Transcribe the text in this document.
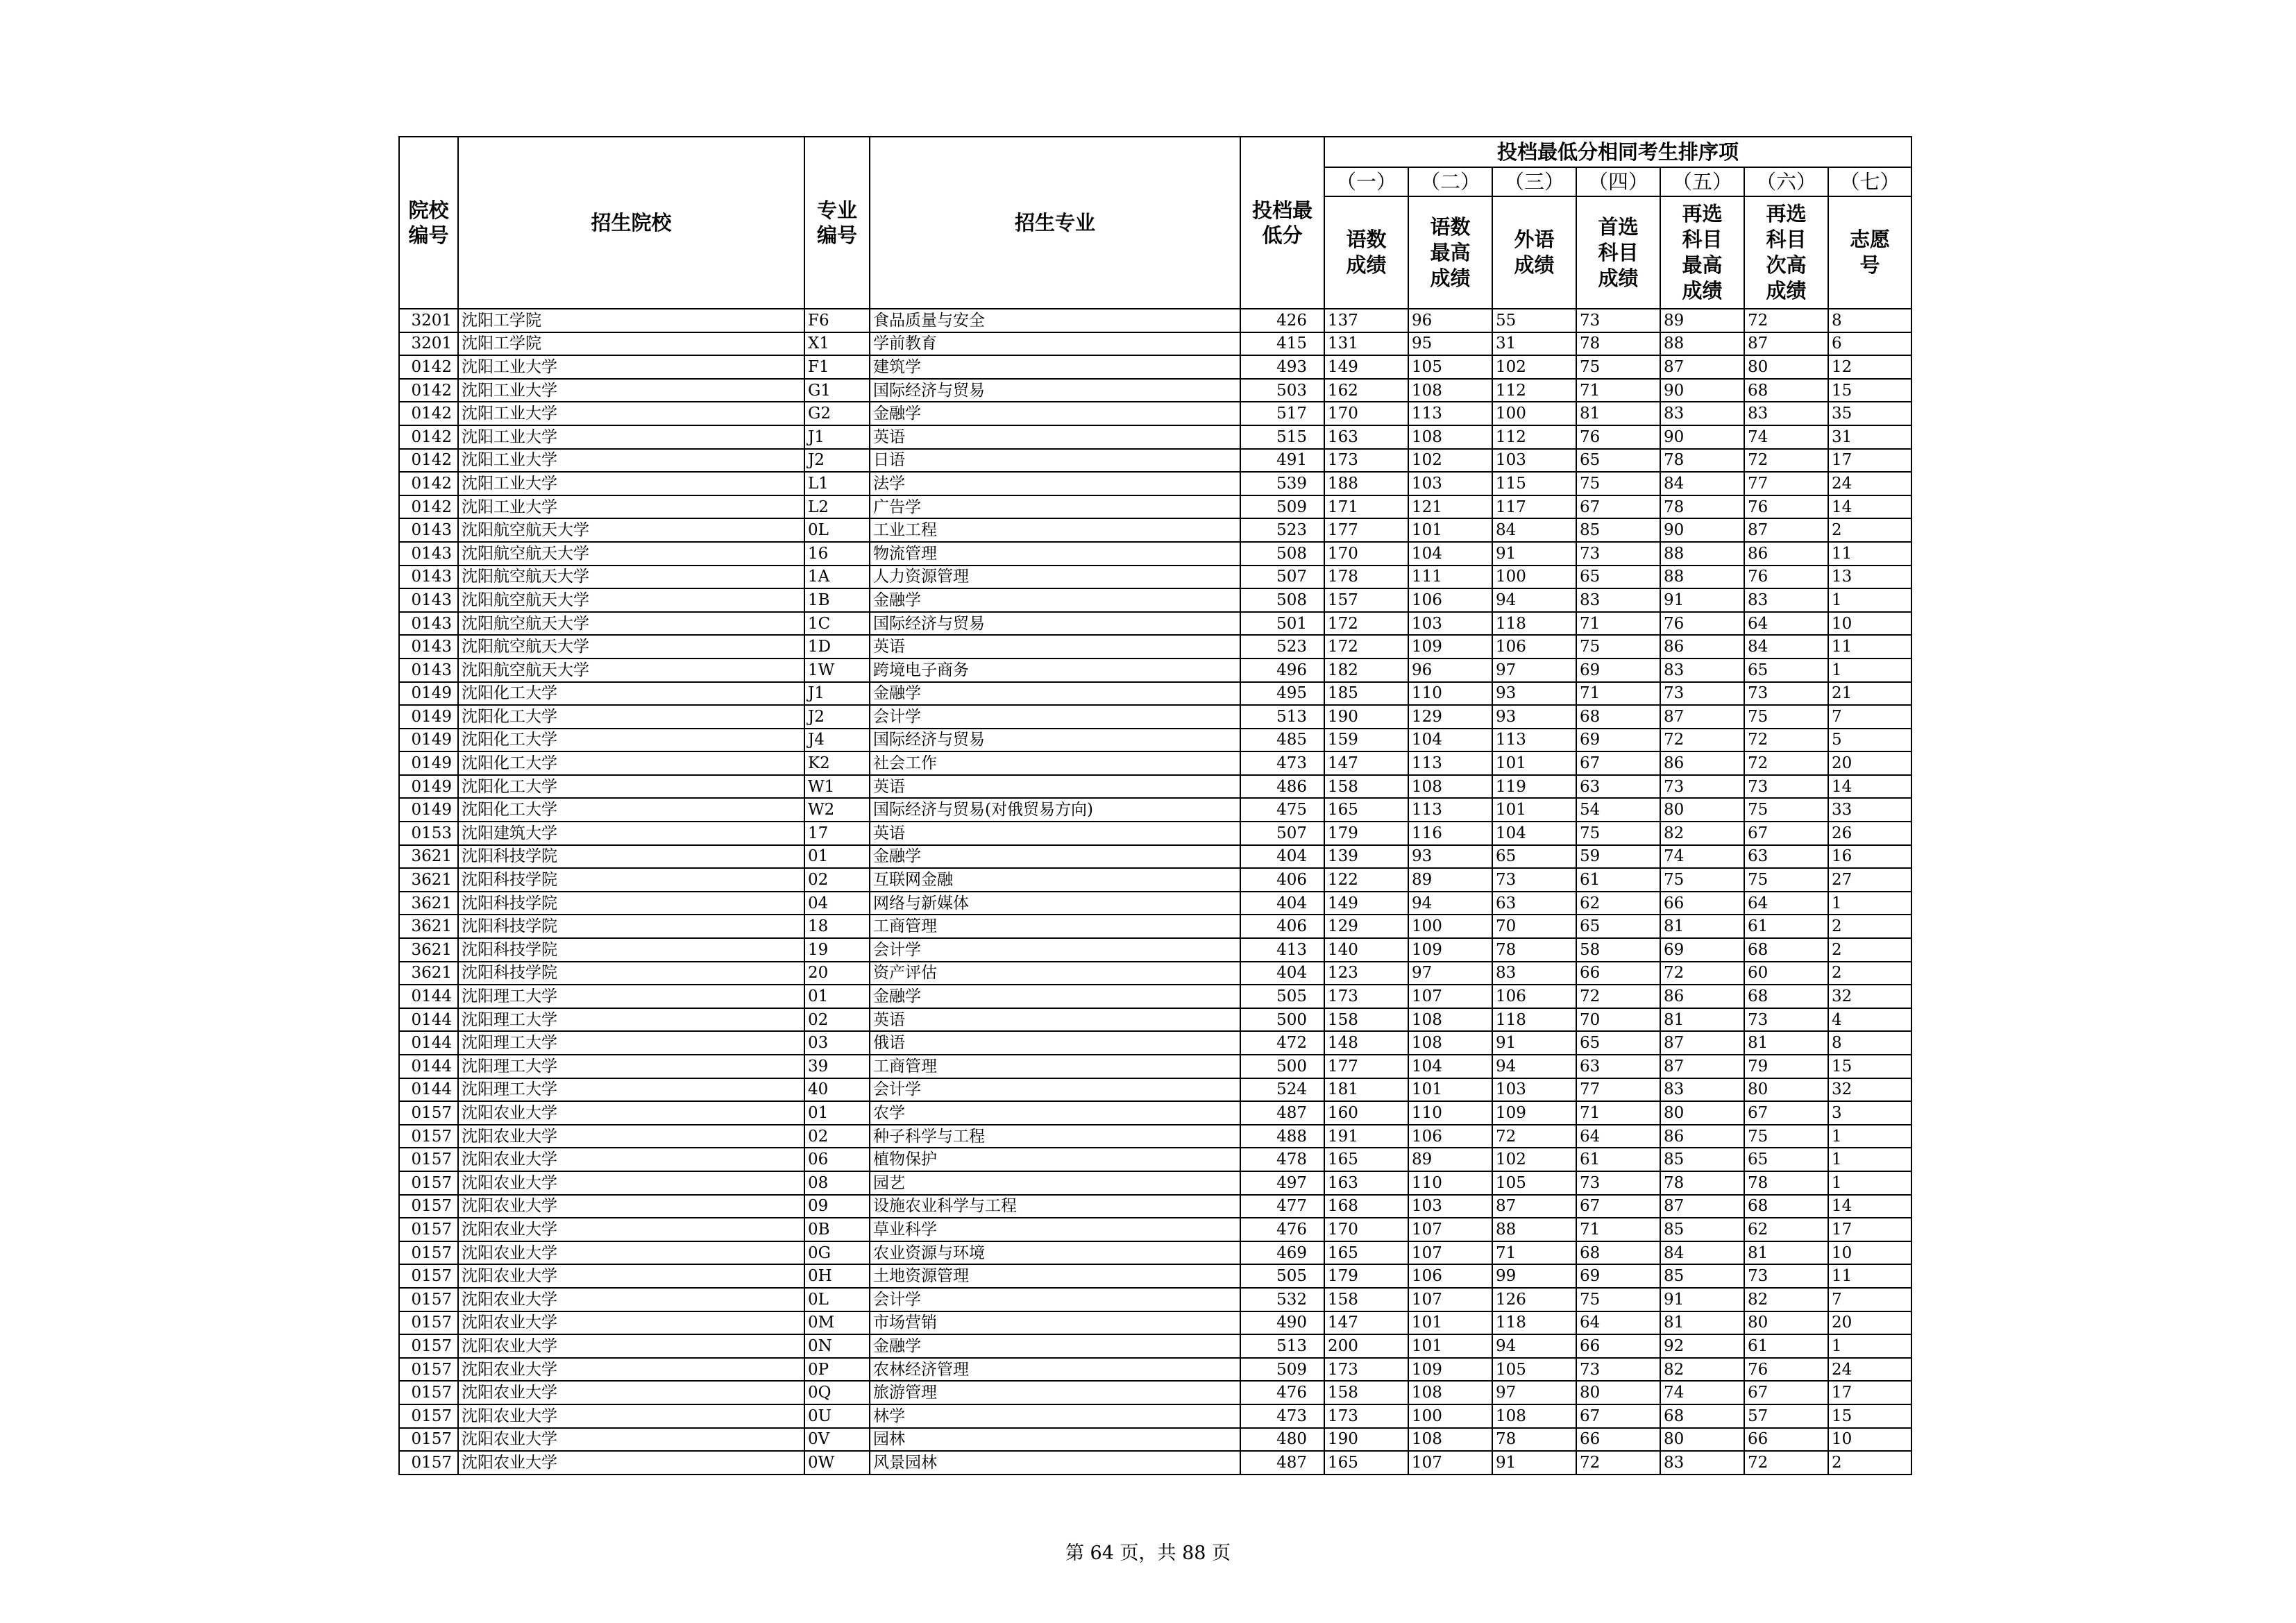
院校编号	招生院校	专业编号	招生专业	投档最低分	投档最低分相同考生排序项						
					（一）	（二）	（三）	（四）	（五）	（六）	（七）
					语数成绩	语数最高成绩	外语成绩	首选科目成绩	再选科目最高成绩	再选科目次高成绩	志愿号
3201	沈阳工学院	F6	食品质量与安全	426	137	96	55	73	89	72	8
3201	沈阳工学院	X1	学前教育	415	131	95	31	78	88	87	6
0142	沈阳工业大学	F1	建筑学	493	149	105	102	75	87	80	12
0142	沈阳工业大学	G1	国际经济与贸易	503	162	108	112	71	90	68	15
0142	沈阳工业大学	G2	金融学	517	170	113	100	81	83	83	35
0142	沈阳工业大学	J1	英语	515	163	108	112	76	90	74	31
0142	沈阳工业大学	J2	日语	491	173	102	103	65	78	72	17
0142	沈阳工业大学	L1	法学	539	188	103	115	75	84	77	24
0142	沈阳工业大学	L2	广告学	509	171	121	117	67	78	76	14
0143	沈阳航空航天大学	0L	工业工程	523	177	101	84	85	90	87	2
0143	沈阳航空航天大学	16	物流管理	508	170	104	91	73	88	86	11
0143	沈阳航空航天大学	1A	人力资源管理	507	178	111	100	65	88	76	13
0143	沈阳航空航天大学	1B	金融学	508	157	106	94	83	91	83	1
0143	沈阳航空航天大学	1C	国际经济与贸易	501	172	103	118	71	76	64	10
0143	沈阳航空航天大学	1D	英语	523	172	109	106	75	86	84	11
0143	沈阳航空航天大学	1W	跨境电子商务	496	182	96	97	69	83	65	1
0149	沈阳化工大学	J1	金融学	495	185	110	93	71	73	73	21
0149	沈阳化工大学	J2	会计学	513	190	129	93	68	87	75	7
0149	沈阳化工大学	J4	国际经济与贸易	485	159	104	113	69	72	72	5
0149	沈阳化工大学	K2	社会工作	473	147	113	101	67	86	72	20
0149	沈阳化工大学	W1	英语	486	158	108	119	63	73	73	14
0149	沈阳化工大学	W2	国际经济与贸易(对俄贸易方向)	475	165	113	101	54	80	75	33
0153	沈阳建筑大学	17	英语	507	179	116	104	75	82	67	26
3621	沈阳科技学院	01	金融学	404	139	93	65	59	74	63	16
3621	沈阳科技学院	02	互联网金融	406	122	89	73	61	75	75	27
3621	沈阳科技学院	04	网络与新媒体	404	149	94	63	62	66	64	1
3621	沈阳科技学院	18	工商管理	406	129	100	70	65	81	61	2
3621	沈阳科技学院	19	会计学	413	140	109	78	58	69	68	2
3621	沈阳科技学院	20	资产评估	404	123	97	83	66	72	60	2
0144	沈阳理工大学	01	金融学	505	173	107	106	72	86	68	32
0144	沈阳理工大学	02	英语	500	158	108	118	70	81	73	4
0144	沈阳理工大学	03	俄语	472	148	108	91	65	87	81	8
0144	沈阳理工大学	39	工商管理	500	177	104	94	63	87	79	15
0144	沈阳理工大学	40	会计学	524	181	101	103	77	83	80	32
0157	沈阳农业大学	01	农学	487	160	110	109	71	80	67	3
0157	沈阳农业大学	02	种子科学与工程	488	191	106	72	64	86	75	1
0157	沈阳农业大学	06	植物保护	478	165	89	102	61	85	65	1
0157	沈阳农业大学	08	园艺	497	163	110	105	73	78	78	1
0157	沈阳农业大学	09	设施农业科学与工程	477	168	103	87	67	87	68	14
0157	沈阳农业大学	0B	草业科学	476	170	107	88	71	85	62	17
0157	沈阳农业大学	0G	农业资源与环境	469	165	107	71	68	84	81	10
0157	沈阳农业大学	0H	土地资源管理	505	179	106	99	69	85	73	11
0157	沈阳农业大学	0L	会计学	532	158	107	126	75	91	82	7
0157	沈阳农业大学	0M	市场营销	490	147	101	118	64	81	80	20
0157	沈阳农业大学	0N	金融学	513	200	101	94	66	92	61	1
0157	沈阳农业大学	0P	农林经济管理	509	173	109	105	73	82	76	24
0157	沈阳农业大学	0Q	旅游管理	476	158	108	97	80	74	67	17
0157	沈阳农业大学	0U	林学	473	173	100	108	67	68	57	15
0157	沈阳农业大学	0V	园林	480	190	108	78	66	80	66	10
0157	沈阳农业大学	0W	风景园林	487	165	107	91	72	83	72	2
第 64 页，共 88 页
